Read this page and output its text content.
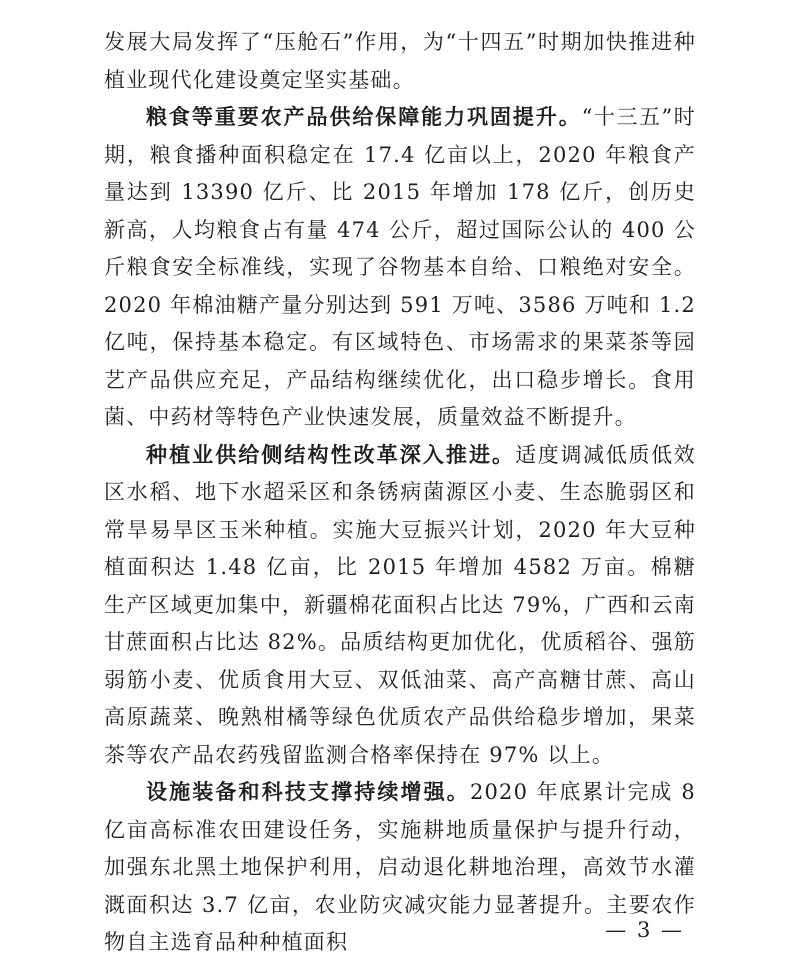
发展大局发挥了“压舱石”作用，为“十四五”时期加快推进种植业现代化建设奠定坚实基础。

粮食等重要农产品供给保障能力巩固提升。“十三五”时期，粮食播种面积稳定在 17.4 亿亩以上，2020 年粮食产量达到 13390 亿斤、比 2015 年增加 178 亿斤，创历史新高，人均粮食占有量 474 公斤，超过国际公认的 400 公斤粮食安全标准线，实现了谷物基本自给、口粮绝对安全。2020 年棉油糖产量分别达到 591 万吨、3586 万吨和 1.2 亿吨，保持基本稳定。有区域特色、市场需求的果菜茶等园艺产品供应充足，产品结构继续优化，出口稳步增长。食用菌、中药材等特色产业快速发展，质量效益不断提升。

种植业供给侧结构性改革深入推进。适度调减低质低效区水稻、地下水超采区和条锈病菌源区小麦、生态脆弱区和常旱易旱区玉米种植。实施大豆振兴计划，2020 年大豆种植面积达 1.48 亿亩，比 2015 年增加 4582 万亩。棉糖生产区域更加集中，新疆棉花面积占比达 79%，广西和云南甘蔗面积占比达 82%。品质结构更加优化，优质稻谷、强筋弱筋小麦、优质食用大豆、双低油菜、高产高糖甘蔗、高山高原蔬菜、晚熟柑橘等绿色优质农产品供给稳步增加，果菜茶等农产品农药残留监测合格率保持在 97% 以上。

设施装备和科技支撑持续增强。2020 年底累计完成 8 亿亩高标准农田建设任务，实施耕地质量保护与提升行动，加强东北黑土地保护利用，启动退化耕地治理，高效节水灌溉面积达 3.7 亿亩，农业防灾减灾能力显著提升。主要农作物自主选育品种种植面积	— 3 —
